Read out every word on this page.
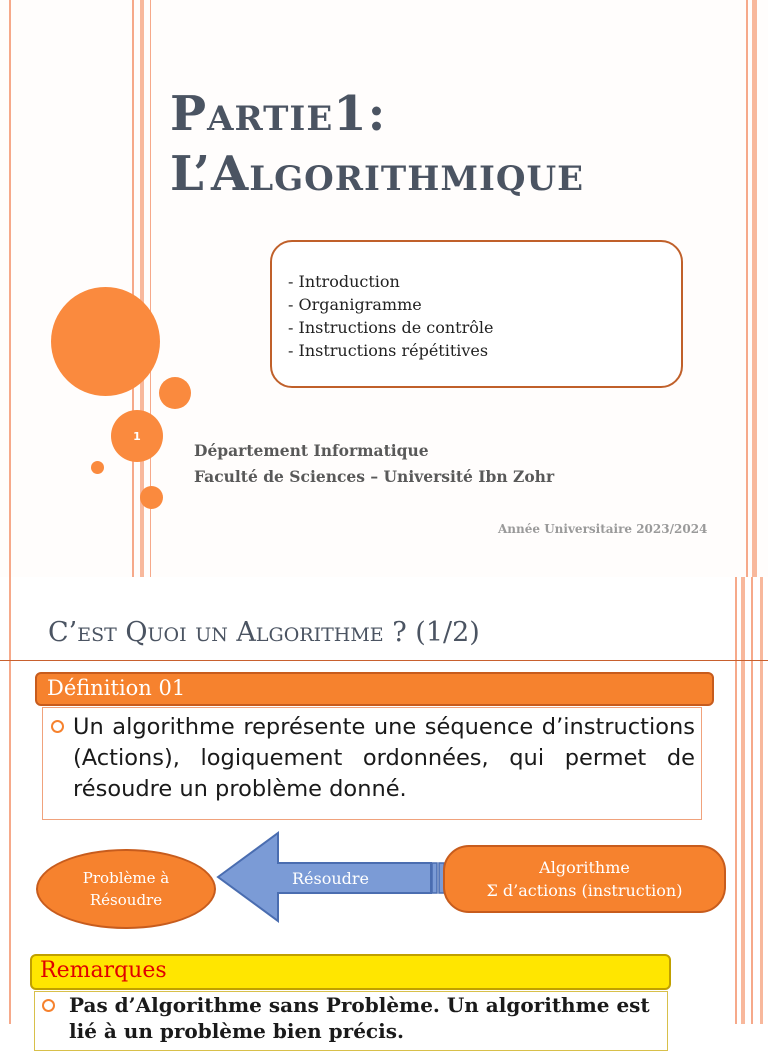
1
Partie1:
L’Algorithmique
- Introduction
- Organigramme
- Instructions de contrôle
- Instructions répétitives
Département Informatique
Faculté de Sciences – Université Ibn Zohr
Année Universitaire 2023/2024
C’est Quoi un Algorithme ? (1/2)
Définition 01
Un algorithme représente une séquence d’instructions (Actions), logiquement ordonnées, qui permet de résoudre un problème donné.
Problème à
Résoudre
Résoudre
Algorithme
Σ d’actions (instruction)
Remarques
Pas d’Algorithme sans Problème. Un algorithme est lié à un problème bien précis.
